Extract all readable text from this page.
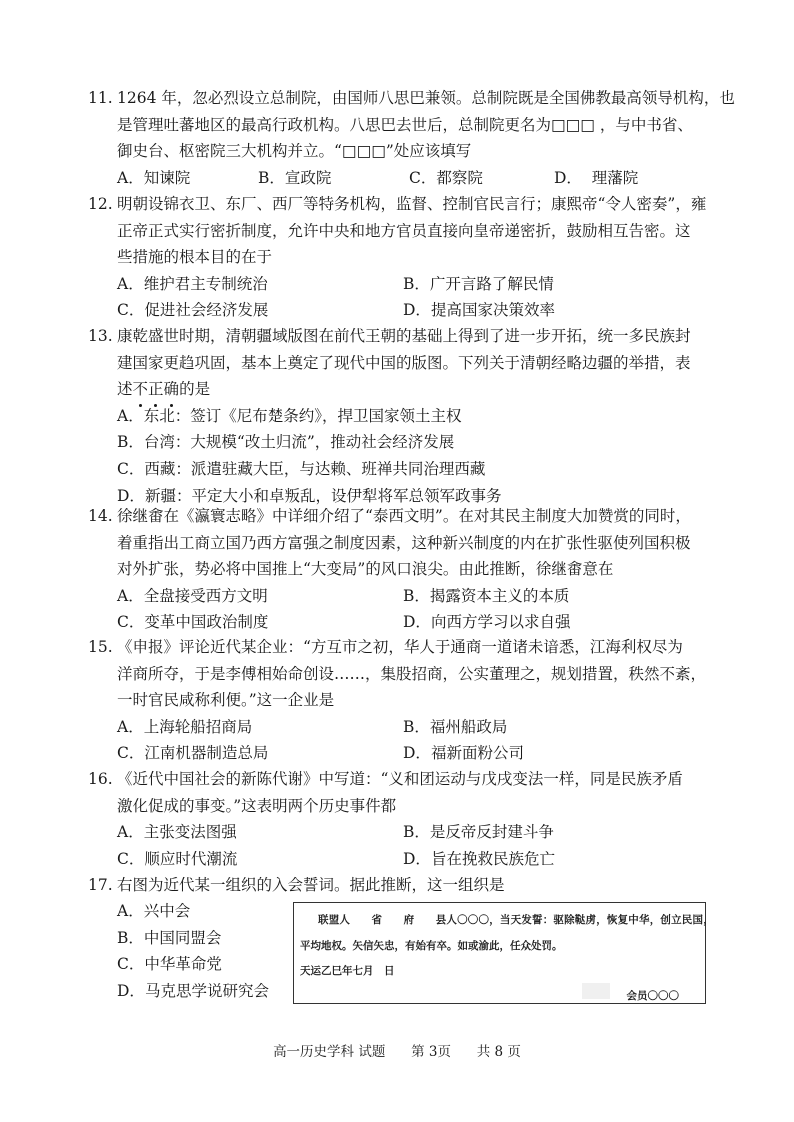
11. 1264 年，忽必烈设立总制院，由国师八思巴兼领。总制院既是全国佛教最高领导机构，也
是管理吐蕃地区的最高行政机构。八思巴去世后，总制院更名为□□□ ，与中书省、
御史台、枢密院三大机构并立。“□□□”处应该填写
A．知谏院	B．宣政院	C．都察院	D． 理藩院
12. 明朝设锦衣卫、东厂、西厂等特务机构，监督、控制官民言行；康熙帝“令人密奏”，雍
正帝正式实行密折制度，允许中央和地方官员直接向皇帝递密折，鼓励相互告密。这
些措施的根本目的在于
A．维护君主专制统治	B．广开言路了解民情
C．促进社会经济发展	D．提高国家决策效率
13. 康乾盛世时期，清朝疆域版图在前代王朝的基础上得到了进一步开拓，统一多民族封
建国家更趋巩固，基本上奠定了现代中国的版图。下列关于清朝经略边疆的举措，表
述不正确的是
A．东北：签订《尼布楚条约》，捍卫国家领土主权
B．台湾：大规模“改土归流”，推动社会经济发展
C．西藏：派遣驻藏大臣，与达赖、班禅共同治理西藏
D．新疆：平定大小和卓叛乱，设伊犁将军总领军政事务
14. 徐继畬在《瀛寰志略》中详细介绍了“泰西文明”。在对其民主制度大加赞赏的同时，
着重指出工商立国乃西方富强之制度因素，这种新兴制度的内在扩张性驱使列国积极
对外扩张，势必将中国推上“大变局”的风口浪尖。由此推断，徐继畬意在
A．全盘接受西方文明	B．揭露资本主义的本质
C．变革中国政治制度	D．向西方学习以求自强
15. 《申报》评论近代某企业：“方互市之初，华人于通商一道诸未谙悉，江海利权尽为
洋商所夺，于是李傅相始命创设……，集股招商，公实董理之，规划措置，秩然不紊，
一时官民咸称利便。”这一企业是
A．上海轮船招商局	B．福州船政局
C．江南机器制造总局	D．福新面粉公司
16. 《近代中国社会的新陈代谢》中写道：“义和团运动与戊戌变法一样，同是民族矛盾
激化促成的事变。”这表明两个历史事件都
A．主张变法图强	B．是反帝反封建斗争
C．顺应时代潮流	D．旨在挽救民族危亡
17. 右图为近代某一组织的入会誓词。据此推断，这一组织是
A．兴中会
B．中国同盟会
C．中华革命党
D．马克思学说研究会
联盟人　　省　　府　　县人〇〇〇，当天发誓：驱除鞑虏，恢复中华，创立民国，
平均地权。矢信矢忠，有始有卒。如或渝此，任众处罚。
天运乙巳年七月　日
会员〇〇〇
高一历史学科 试题 第 3页 共 8 页
